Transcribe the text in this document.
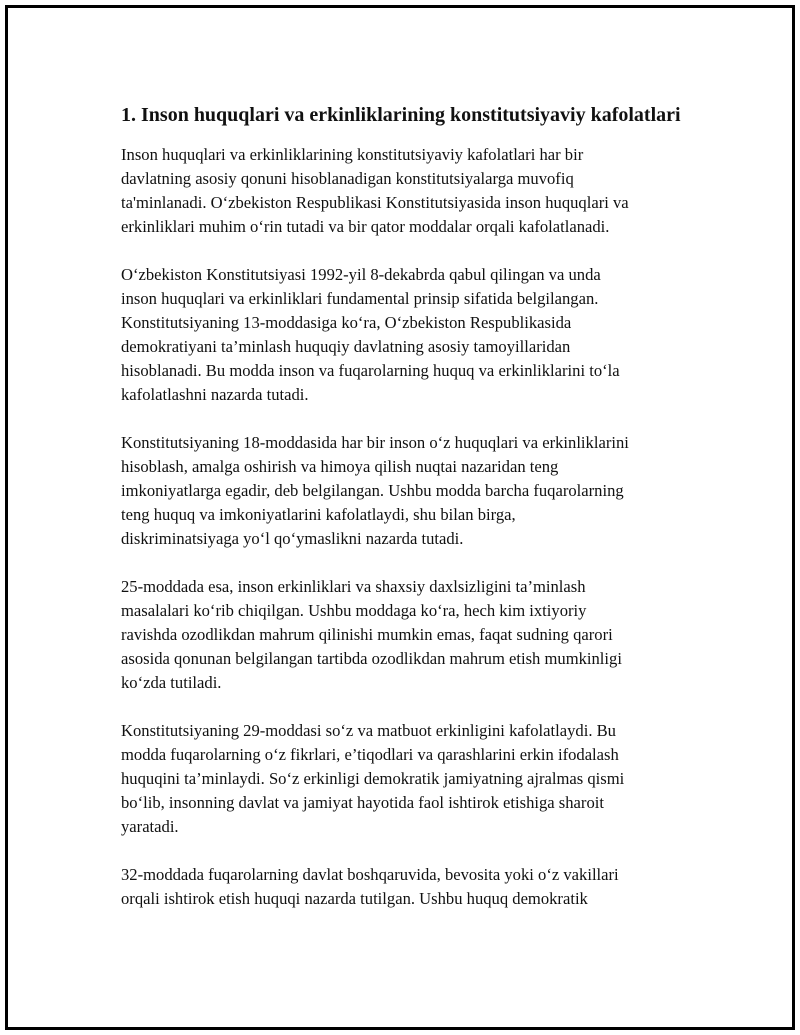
1. Inson huquqlari va erkinliklarining konstitutsiyaviy kafolatlari

Inson huquqlari va erkinliklarining konstitutsiyaviy kafolatlari har bir
davlatning asosiy qonuni hisoblanadigan konstitutsiyalarga muvofiq
ta'minlanadi. O‘zbekiston Respublikasi Konstitutsiyasida inson huquqlari va
erkinliklari muhim o‘rin tutadi va bir qator moddalar orqali kafolatlanadi.

O‘zbekiston Konstitutsiyasi 1992-yil 8-dekabrda qabul qilingan va unda
inson huquqlari va erkinliklari fundamental prinsip sifatida belgilangan.
Konstitutsiyaning 13-moddasiga ko‘ra, O‘zbekiston Respublikasida
demokratiyani ta’minlash huquqiy davlatning asosiy tamoyillaridan
hisoblanadi. Bu modda inson va fuqarolarning huquq va erkinliklarini to‘la
kafolatlashni nazarda tutadi.

Konstitutsiyaning 18-moddasida har bir inson o‘z huquqlari va erkinliklarini
hisoblash, amalga oshirish va himoya qilish nuqtai nazaridan teng
imkoniyatlarga egadir, deb belgilangan. Ushbu modda barcha fuqarolarning
teng huquq va imkoniyatlarini kafolatlaydi, shu bilan birga,
diskriminatsiyaga yo‘l qo‘ymaslikni nazarda tutadi.

25-moddada esa, inson erkinliklari va shaxsiy daxlsizligini ta’minlash
masalalari ko‘rib chiqilgan. Ushbu moddaga ko‘ra, hech kim ixtiyoriy
ravishda ozodlikdan mahrum qilinishi mumkin emas, faqat sudning qarori
asosida qonunan belgilangan tartibda ozodlikdan mahrum etish mumkinligi
ko‘zda tutiladi.

Konstitutsiyaning 29-moddasi so‘z va matbuot erkinligini kafolatlaydi. Bu
modda fuqarolarning o‘z fikrlari, e’tiqodlari va qarashlarini erkin ifodalash
huquqini ta’minlaydi. So‘z erkinligi demokratik jamiyatning ajralmas qismi
bo‘lib, insonning davlat va jamiyat hayotida faol ishtirok etishiga sharoit
yaratadi.

32-moddada fuqarolarning davlat boshqaruvida, bevosita yoki o‘z vakillari
orqali ishtirok etish huquqi nazarda tutilgan. Ushbu huquq demokratik
